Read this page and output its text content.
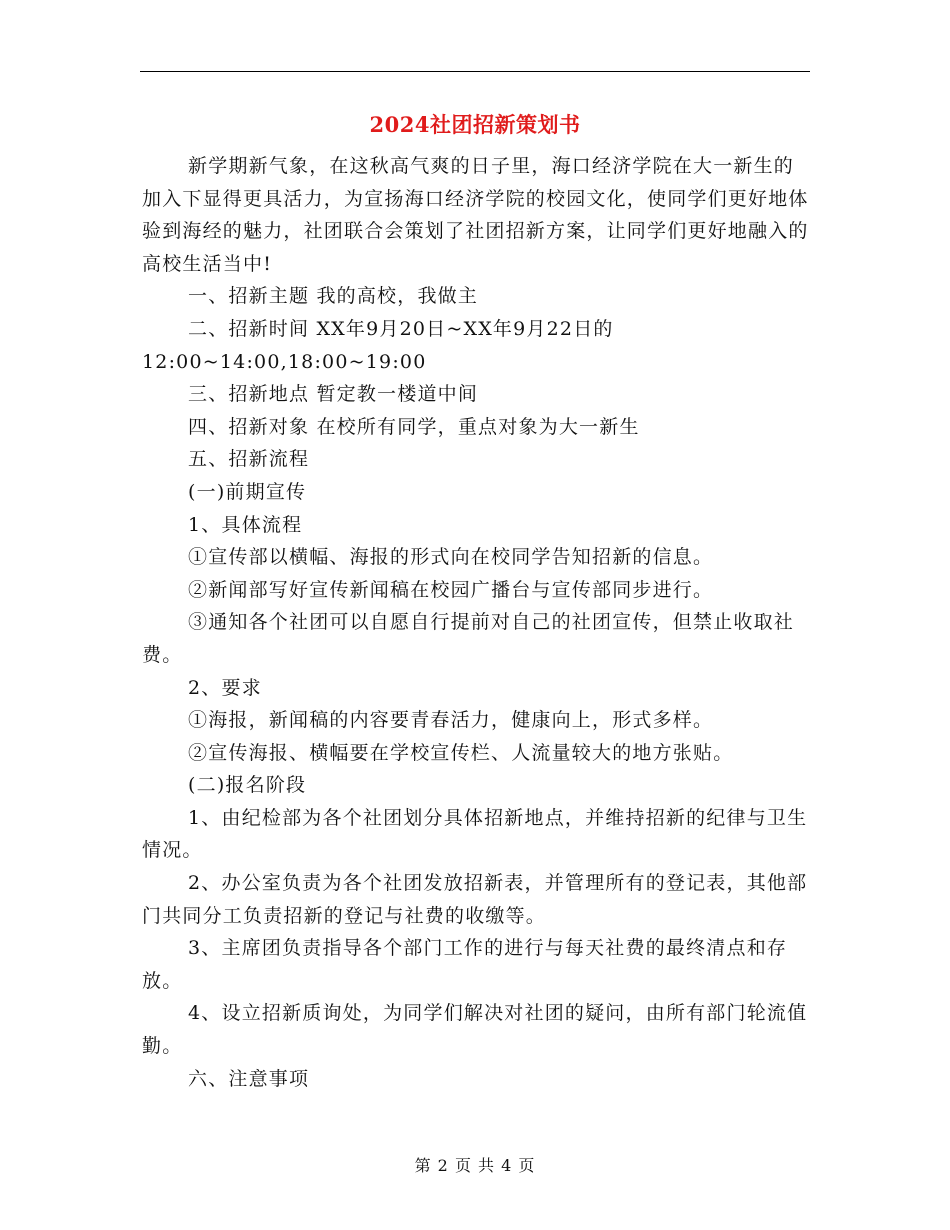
2024社团招新策划书

新学期新气象，在这秋高气爽的日子里，海口经济学院在大一新生的加入下显得更具活力，为宣扬海口经济学院的校园文化，使同学们更好地体验到海经的魅力，社团联合会策划了社团招新方案，让同学们更好地融入的高校生活当中!

一、招新主题 我的高校，我做主

二、招新时间 XX年9月20日~XX年9月22日的12:00~14:00,18:00~19:00

三、招新地点 暂定教一楼道中间

四、招新对象 在校所有同学，重点对象为大一新生

五、招新流程

(一)前期宣传

1、具体流程

①宣传部以横幅、海报的形式向在校同学告知招新的信息。

②新闻部写好宣传新闻稿在校园广播台与宣传部同步进行。

③通知各个社团可以自愿自行提前对自己的社团宣传，但禁止收取社费。

2、要求

①海报，新闻稿的内容要青春活力，健康向上，形式多样。

②宣传海报、横幅要在学校宣传栏、人流量较大的地方张贴。

(二)报名阶段

1、由纪检部为各个社团划分具体招新地点，并维持招新的纪律与卫生情况。

2、办公室负责为各个社团发放招新表，并管理所有的登记表，其他部门共同分工负责招新的登记与社费的收缴等。

3、主席团负责指导各个部门工作的进行与每天社费的最终清点和存放。

4、设立招新质询处，为同学们解决对社团的疑问，由所有部门轮流值勤。

六、注意事项

第 2 页 共 4 页
